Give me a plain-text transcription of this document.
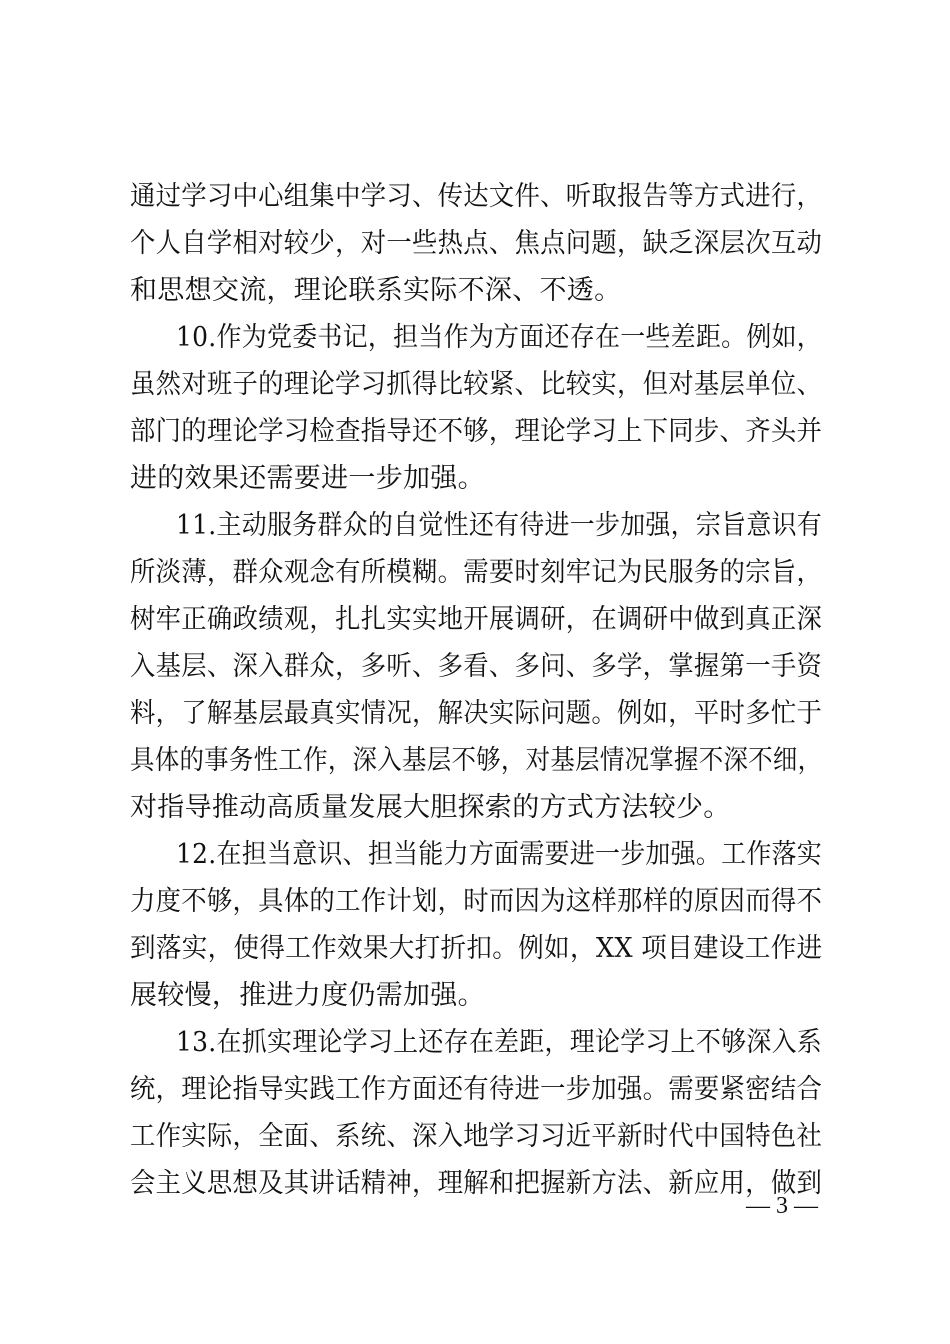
通过学习中心组集中学习、传达文件、听取报告等方式进行，
个人自学相对较少，对一些热点、焦点问题，缺乏深层次互动
和思想交流，理论联系实际不深、不透。
10.作为党委书记，担当作为方面还存在一些差距。例如，
虽然对班子的理论学习抓得比较紧、比较实，但对基层单位、
部门的理论学习检查指导还不够，理论学习上下同步、齐头并
进的效果还需要进一步加强。
11.主动服务群众的自觉性还有待进一步加强，宗旨意识有
所淡薄，群众观念有所模糊。需要时刻牢记为民服务的宗旨，
树牢正确政绩观，扎扎实实地开展调研，在调研中做到真正深
入基层、深入群众，多听、多看、多问、多学，掌握第一手资
料，了解基层最真实情况，解决实际问题。例如，平时多忙于
具体的事务性工作，深入基层不够，对基层情况掌握不深不细，
对指导推动高质量发展大胆探索的方式方法较少。
12.在担当意识、担当能力方面需要进一步加强。工作落实
力度不够，具体的工作计划，时而因为这样那样的原因而得不
到落实，使得工作效果大打折扣。例如，XX 项目建设工作进
展较慢，推进力度仍需加强。
13.在抓实理论学习上还存在差距，理论学习上不够深入系
统，理论指导实践工作方面还有待进一步加强。需要紧密结合
工作实际，全面、系统、深入地学习习近平新时代中国特色社
会主义思想及其讲话精神，理解和把握新方法、新应用，做到
— 3 —
